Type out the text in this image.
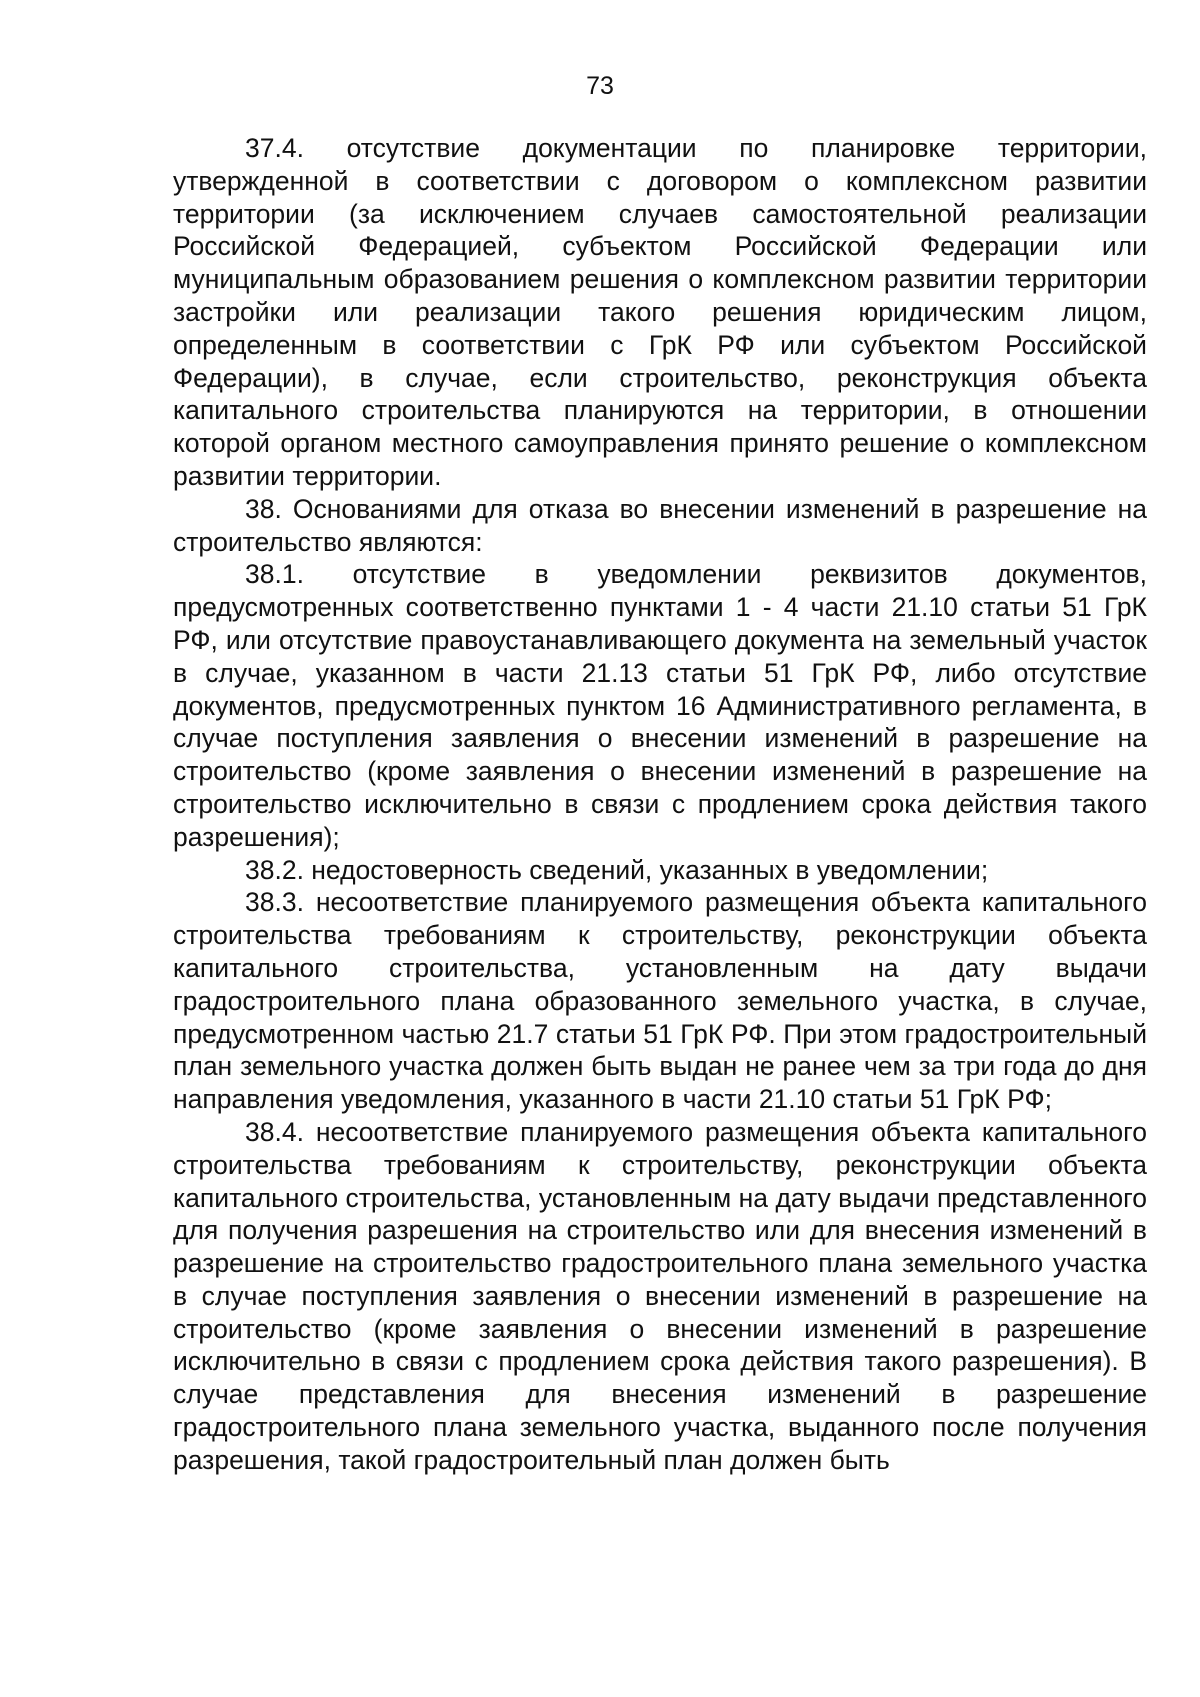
73

37.4. отсутствие документации по планировке территории, утвержденной в соответствии с договором о комплексном развитии территории (за исключением случаев самостоятельной реализации Российской Федерацией, субъектом Российской Федерации или муниципальным образованием решения о комплексном развитии территории застройки или реализации такого решения юридическим лицом, определенным в соответствии с ГрК РФ или субъектом Российской Федерации), в случае, если строительство, реконструкция объекта капитального строительства планируются на территории, в отношении которой органом местного самоуправления принято решение о комплексном развитии территории.

38. Основаниями для отказа во внесении изменений в разрешение на строительство являются:

38.1. отсутствие в уведомлении реквизитов документов, предусмотренных соответственно пунктами 1 - 4 части 21.10 статьи 51 ГрК РФ, или отсутствие правоустанавливающего документа на земельный участок в случае, указанном в части 21.13 статьи 51 ГрК РФ, либо отсутствие документов, предусмотренных пунктом 16 Административного регламента, в случае поступления заявления о внесении изменений в разрешение на строительство (кроме заявления о внесении изменений в разрешение на строительство исключительно в связи с продлением срока действия такого разрешения);

38.2. недостоверность сведений, указанных в уведомлении;

38.3. несоответствие планируемого размещения объекта капитального строительства требованиям к строительству, реконструкции объекта капитального строительства, установленным на дату выдачи градостроительного плана образованного земельного участка, в случае, предусмотренном частью 21.7 статьи 51 ГрК РФ. При этом градостроительный план земельного участка должен быть выдан не ранее чем за три года до дня направления уведомления, указанного в части 21.10 статьи 51 ГрК РФ;

38.4. несоответствие планируемого размещения объекта капитального строительства требованиям к строительству, реконструкции объекта капитального строительства, установленным на дату выдачи представленного для получения разрешения на строительство или для внесения изменений в разрешение на строительство градостроительного плана земельного участка в случае поступления заявления о внесении изменений в разрешение на строительство (кроме заявления о внесении изменений в разрешение исключительно в связи с продлением срока действия такого разрешения). В случае представления для внесения изменений в разрешение градостроительного плана земельного участка, выданного после получения разрешения, такой градостроительный план должен быть
